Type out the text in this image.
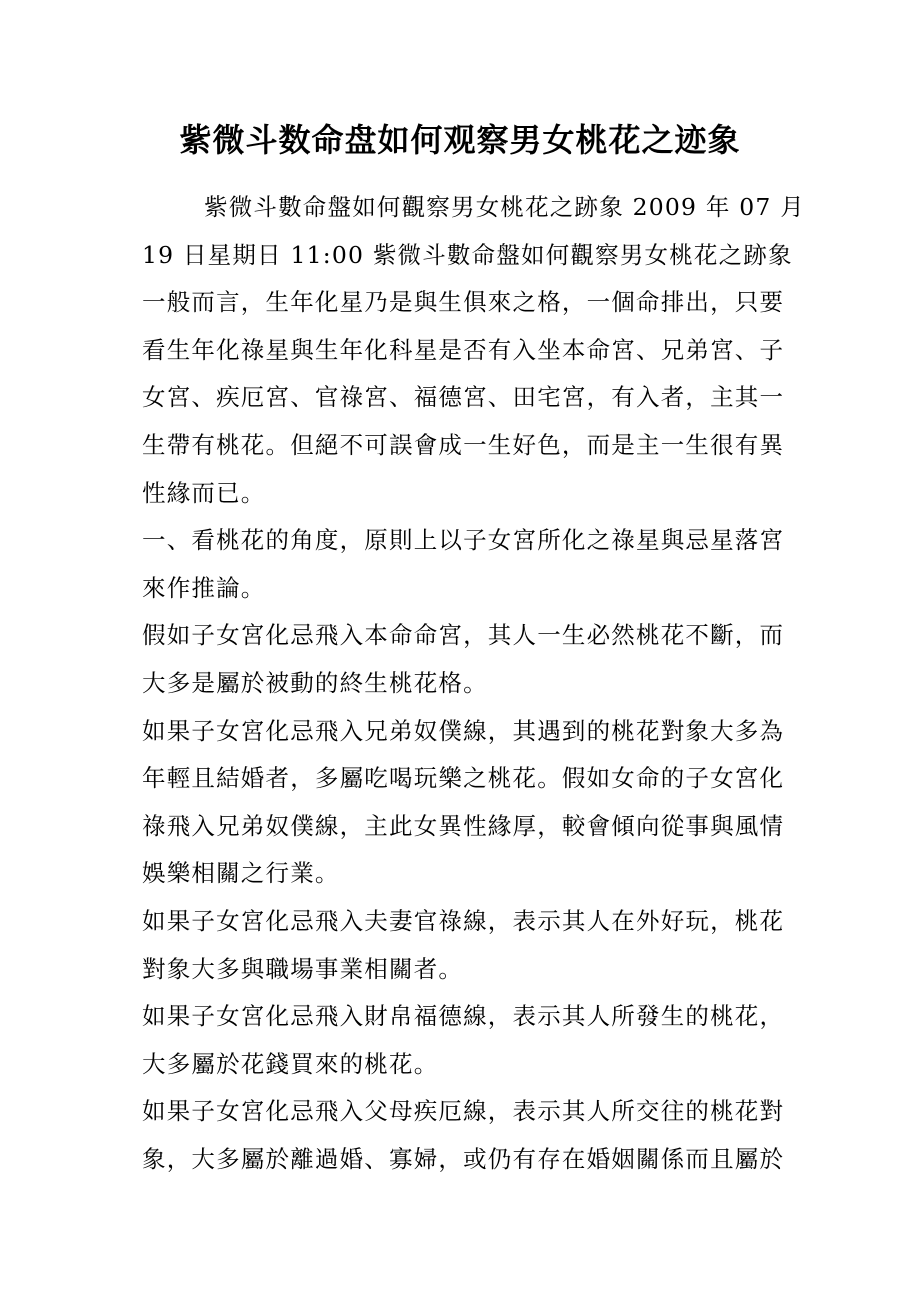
紫微斗数命盘如何观察男女桃花之迹象
紫微斗數命盤如何觀察男女桃花之跡象 2009 年 07 月
19 日星期日 11:00 紫微斗數命盤如何觀察男女桃花之跡象
一般而言，生年化星乃是與生俱來之格，一個命排出，只要
看生年化祿星與生年化科星是否有入坐本命宮、兄弟宮、子
女宮、疾厄宮、官祿宮、福德宮、田宅宮，有入者，主其一
生帶有桃花。但絕不可誤會成一生好色，而是主一生很有異
性緣而已。
一、看桃花的角度，原則上以子女宮所化之祿星與忌星落宮
來作推論。
假如子女宮化忌飛入本命命宮，其人一生必然桃花不斷，而
大多是屬於被動的終生桃花格。
如果子女宮化忌飛入兄弟奴僕線，其遇到的桃花對象大多為
年輕且結婚者，多屬吃喝玩樂之桃花。假如女命的子女宮化
祿飛入兄弟奴僕線，主此女異性緣厚，較會傾向從事與風情
娛樂相關之行業。
如果子女宮化忌飛入夫妻官祿線，表示其人在外好玩，桃花
對象大多與職場事業相關者。
如果子女宮化忌飛入財帛福德線，表示其人所發生的桃花，
大多屬於花錢買來的桃花。
如果子女宮化忌飛入父母疾厄線，表示其人所交往的桃花對
象，大多屬於離過婚、寡婦，或仍有存在婚姻關係而且屬於
